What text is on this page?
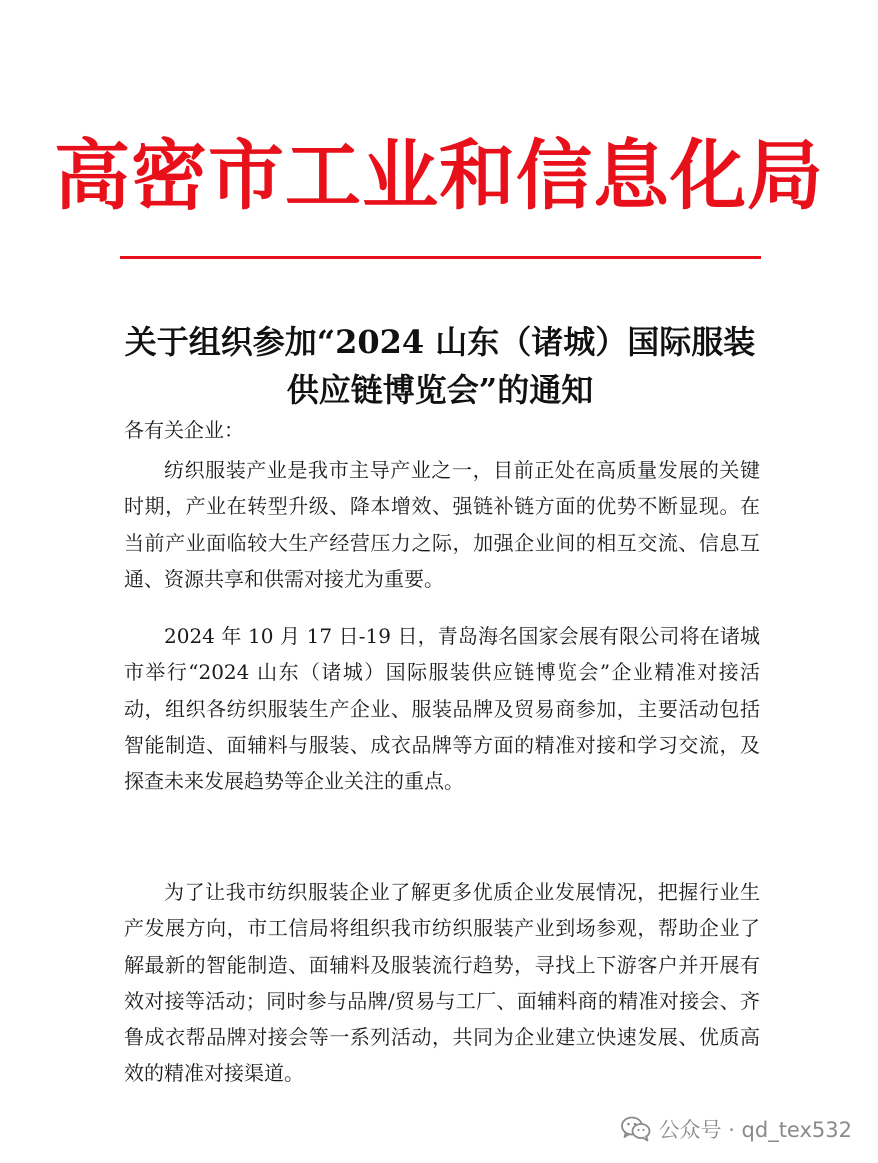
高密市工业和信息化局
关于组织参加“2024 山东（诸城）国际服装
供应链博览会”的通知
各有关企业：

纺织服装产业是我市主导产业之一，目前正处在高质量发展的关键时期，产业在转型升级、降本增效、强链补链方面的优势不断显现。在当前产业面临较大生产经营压力之际，加强企业间的相互交流、信息互通、资源共享和供需对接尤为重要。

2024 年 10 月 17 日-19 日，青岛海名国家会展有限公司将在诸城市举行“2024 山东（诸城）国际服装供应链博览会”企业精准对接活动，组织各纺织服装生产企业、服装品牌及贸易商参加，主要活动包括智能制造、面辅料与服装、成衣品牌等方面的精准对接和学习交流，及探查未来发展趋势等企业关注的重点。

为了让我市纺织服装企业了解更多优质企业发展情况，把握行业生产发展方向，市工信局将组织我市纺织服装产业到场参观，帮助企业了解最新的智能制造、面辅料及服装流行趋势，寻找上下游客户并开展有效对接等活动；同时参与品牌/贸易与工厂、面辅料商的精准对接会、齐鲁成衣帮品牌对接会等一系列活动，共同为企业建立快速发展、优质高效的精准对接渠道。

公众号 · qd_tex532
